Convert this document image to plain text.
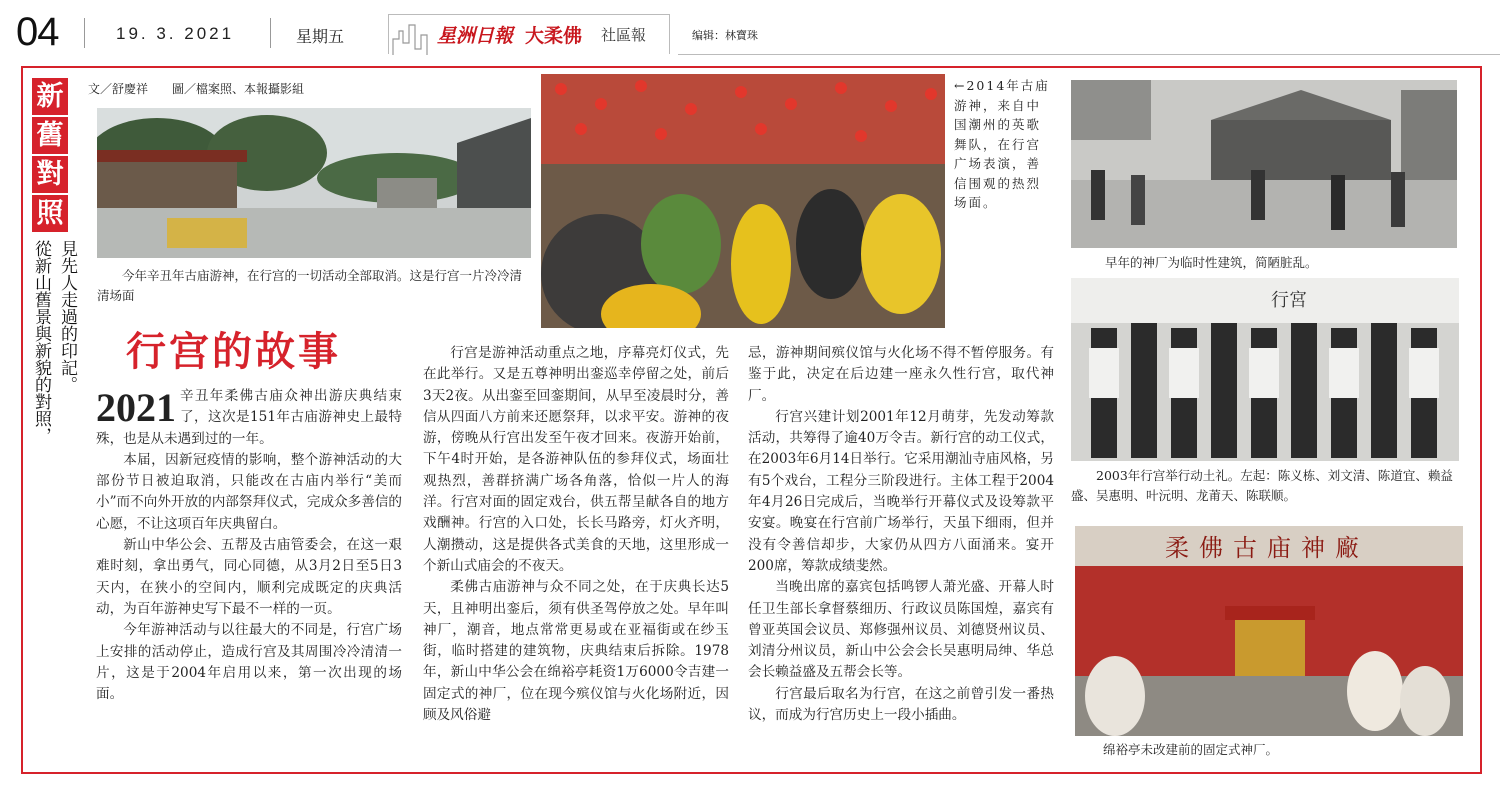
04	19. 3. 2021	星期五	星洲日報 大柔佛 社區報	编辑：林寶珠
新
舊
對
照
見先人走過的印記。
從新山舊景與新貌的對照，
文／舒慶祥　　圖／檔案照、本報攝影組
今年辛丑年古庙游神，在行宫的一切活动全部取消。这是行宫一片冷冷清清场面
←2014年古庙游神，来自中国潮州的英歌舞队，在行宫广场表演，善信围观的热烈场面。
早年的神厂为临时性建筑，简陋脏乱。
行宮
2003年行宫举行动土礼。左起：陈义栋、刘文清、陈道宜、赖益盛、吴惠明、叶沅明、龙莆天、陈联顺。
柔佛古庙神廠
绵裕亭未改建前的固定式神厂。
行宫的故事

2021 辛丑年柔佛古庙众神出游庆典结束了，这次是151年古庙游神史上最特殊，也是从未遇到过的一年。

本届，因新冠疫情的影响，整个游神活动的大部份节日被迫取消，只能改在古庙内举行“美而小”而不向外开放的内部祭拜仪式，完成众多善信的心愿，不让这项百年庆典留白。

新山中华公会、五帮及古庙管委会，在这一艰难时刻，拿出勇气，同心同德，从3月2日至5日3天内，在狭小的空间内，顺利完成既定的庆典活动，为百年游神史写下最不一样的一页。

今年游神活动与以往最大的不同是，行宫广场上安排的活动停止，造成行宫及其周围冷冷清清一片，这是于2004年启用以来，第一次出现的场面。

行宫是游神活动重点之地，序幕亮灯仪式，先在此举行。又是五尊神明出銮巡幸停留之处，前后3天2夜。从出銮至回銮期间，从早至凌晨时分，善信从四面八方前来还愿祭拜，以求平安。游神的夜游，傍晚从行宫出发至午夜才回来。夜游开始前，下午4时开始，是各游神队伍的参拜仪式，场面壮观热烈，善群挤满广场各角落，恰似一片人的海洋。行宫对面的固定戏台，供五帮呈献各自的地方戏酬神。行宫的入口处，长长马路旁，灯火齐明，人潮攒动，这是提供各式美食的天地，这里形成一个新山式庙会的不夜天。

柔佛古庙游神与众不同之处，在于庆典长达5天，且神明出銮后，须有供圣驾停放之处。早年叫神厂，潮音，地点常常更易或在亚福街或在纱玉街，临时搭建的建筑物，庆典结束后拆除。1978年，新山中华公会在绵裕亭耗资1万6000令吉建一固定式的神厂，位在现今殡仪馆与火化场附近，因顾及风俗避

忌，游神期间殡仪馆与火化场不得不暂停服务。有鉴于此，决定在后边建一座永久性行宫，取代神厂。

行宫兴建计划2001年12月萌芽，先发动筹款活动，共筹得了逾40万令吉。新行宫的动工仪式，在2003年6月14日举行。它采用潮汕寺庙风格，另有5个戏台，工程分三阶段进行。主体工程于2004年4月26日完成后，当晚举行开幕仪式及设筹款平安宴。晚宴在行宫前广场举行，天虽下细雨，但并没有令善信却步，大家仍从四方八面涌来。宴开200席，筹款成绩斐然。

当晚出席的嘉宾包括鸣锣人萧光盛、开幕人时任卫生部长拿督蔡细历、行政议员陈国煌，嘉宾有曾亚英国会议员、郑修强州议员、刘德贤州议员、刘清分州议员，新山中公会会长吴惠明局绅、华总会长赖益盛及五帮会长等。

行宫最后取名为行宫，在这之前曾引发一番热议，而成为行宫历史上一段小插曲。
